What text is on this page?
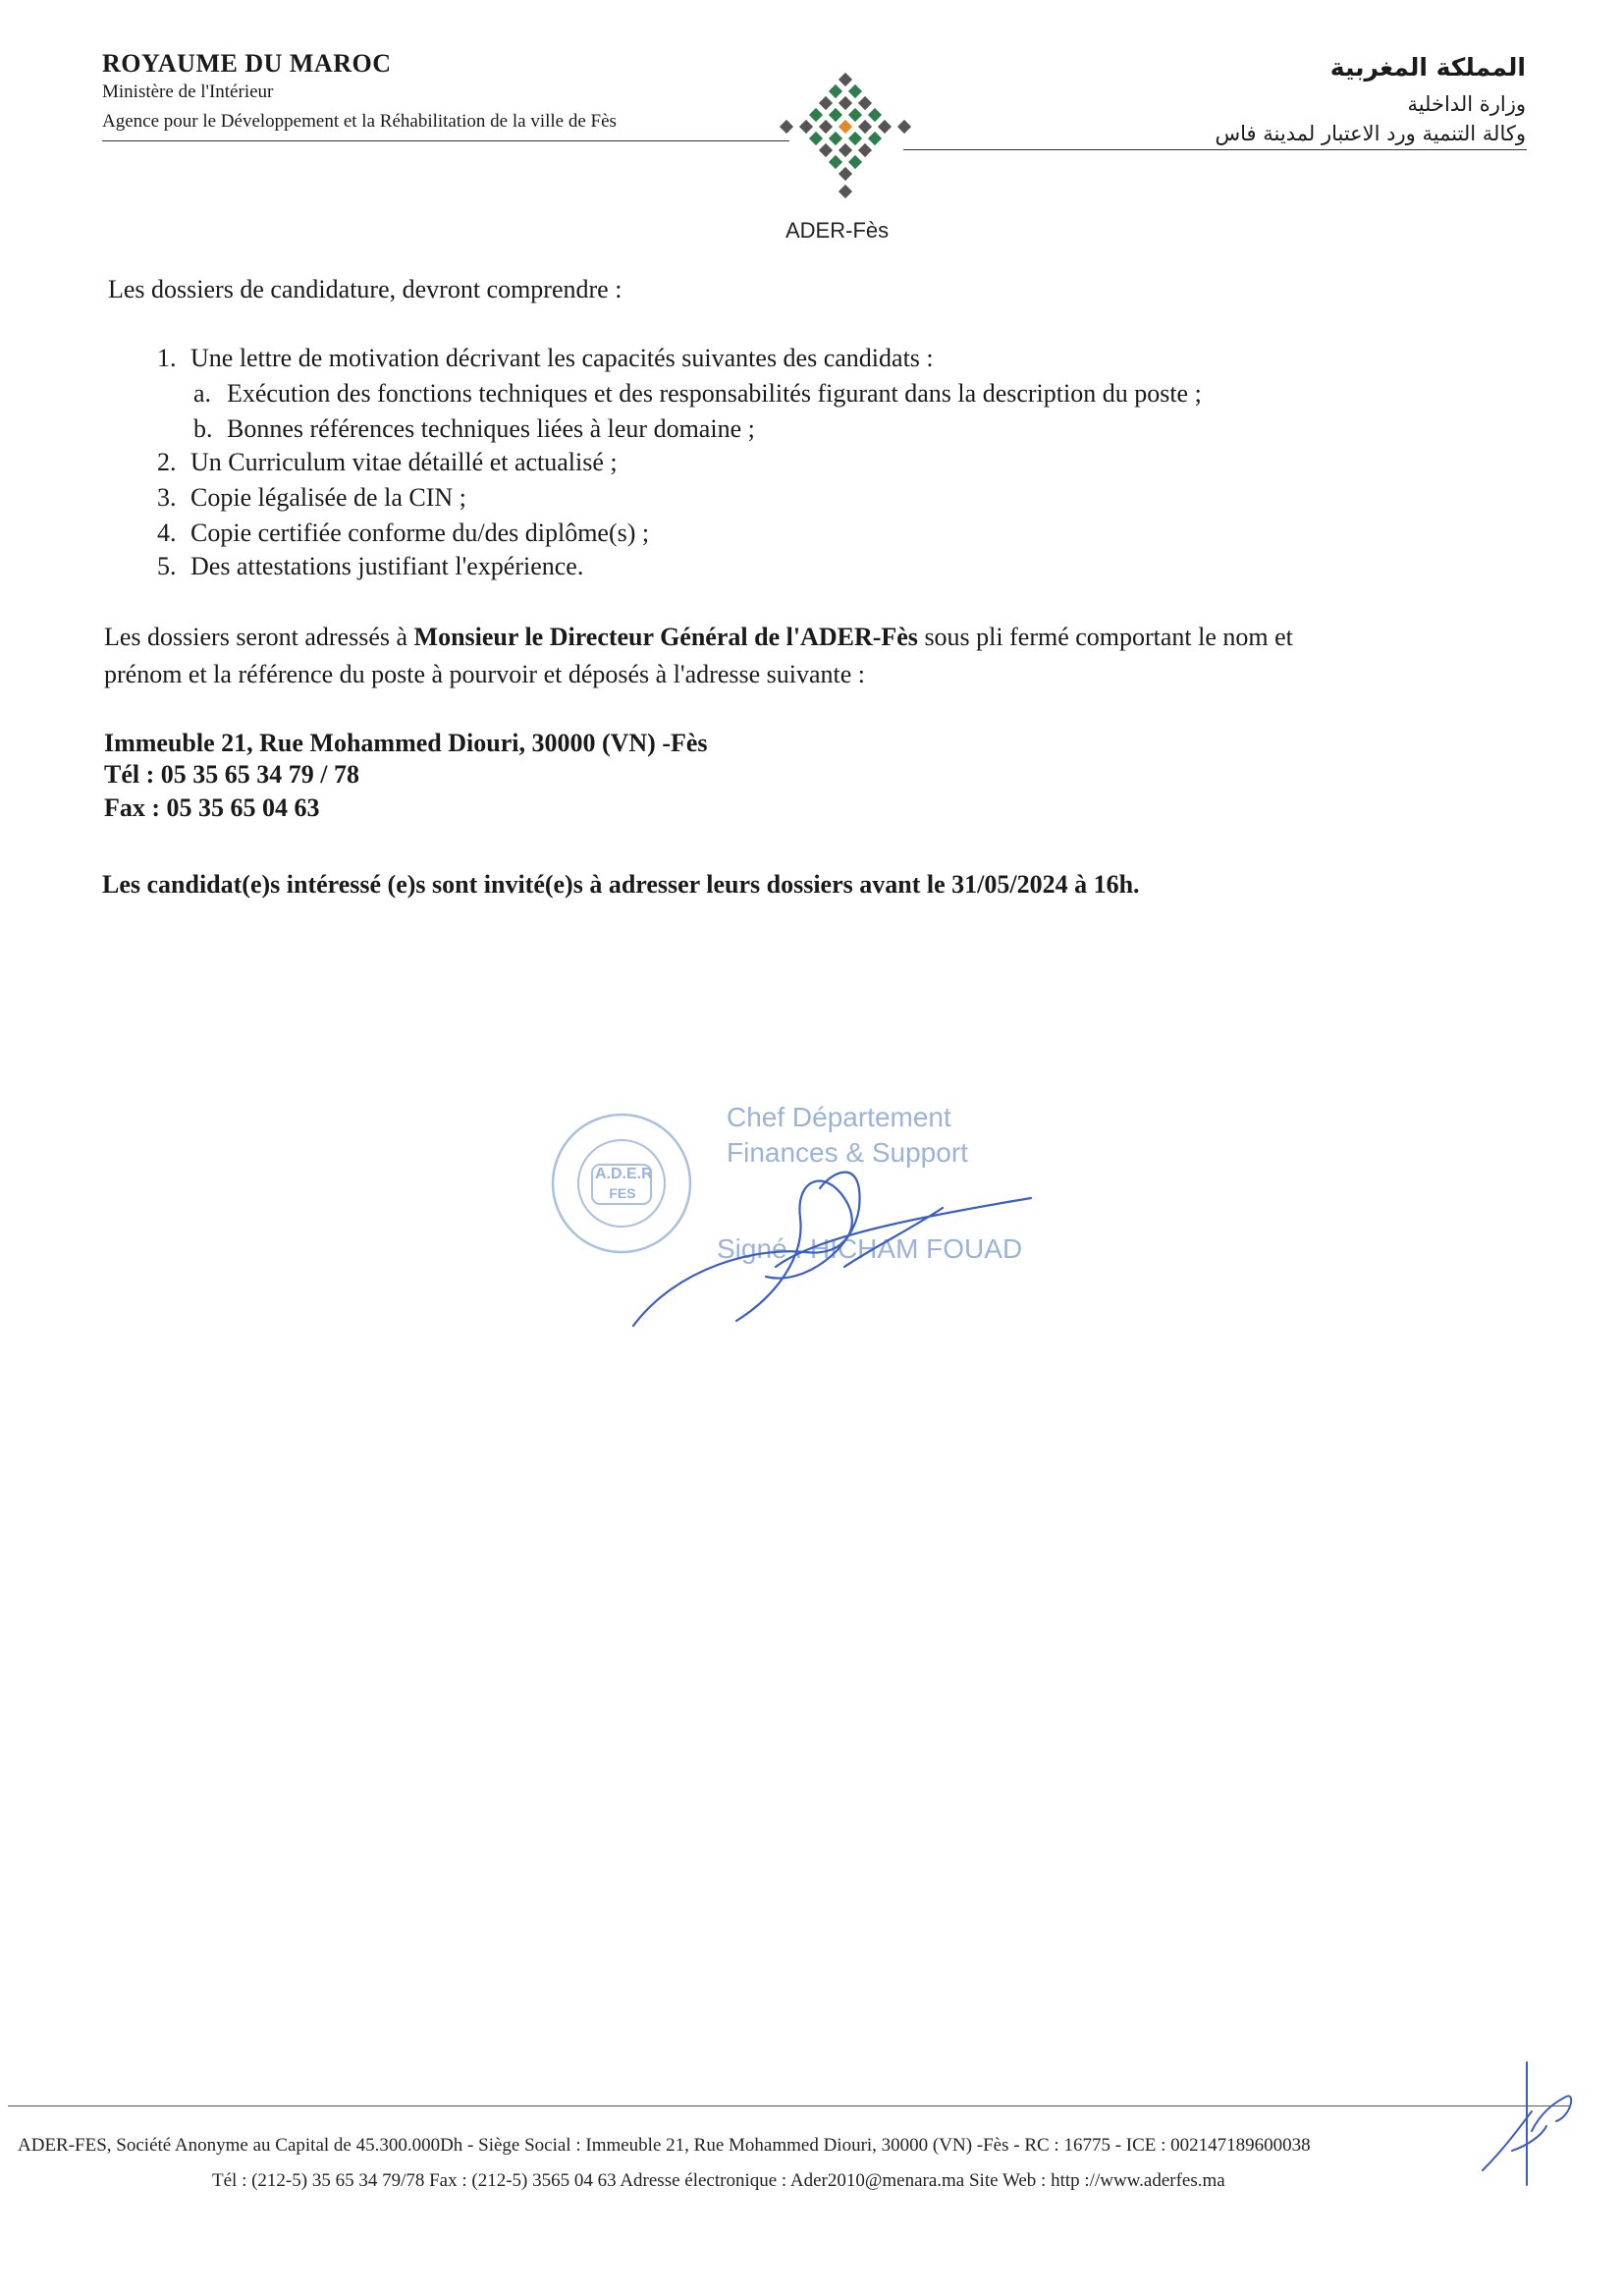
ROYAUME DU MAROC
Ministère de l'Intérieur
Agence pour le Développement et la Réhabilitation de la ville de Fès
المملكة المغربية
وزارة الداخلية
وكالة التنمية ورد الاعتبار لمدينة فاس
ADER-Fès
Les dossiers de candidature, devront comprendre :
1. Une lettre de motivation décrivant les capacités suivantes des candidats :
a. Exécution des fonctions techniques et des responsabilités figurant dans la description du poste ;
b. Bonnes références techniques liées à leur domaine ;
2. Un Curriculum vitae détaillé et actualisé ;
3. Copie légalisée de la CIN ;
4. Copie certifiée conforme du/des diplôme(s) ;
5. Des attestations justifiant l'expérience.
Les dossiers seront adressés à Monsieur le Directeur Général de l'ADER-Fès sous pli fermé comportant le nom et
prénom et la référence du poste à pourvoir et déposés à l'adresse suivante :
Immeuble 21, Rue Mohammed Diouri, 30000 (VN) -Fès
Tél : 05 35 65 34 79 / 78
Fax : 05 35 65 04 63
Les candidat(e)s intéressé (e)s sont invité(e)s à adresser leurs dossiers avant le 31/05/2024 à 16h.
A.D.E.R
FES
Chef Département
Finances & Support
Signé : HICHAM FOUAD
ADER-FES, Société Anonyme au Capital de 45.300.000Dh - Siège Social : Immeuble 21, Rue Mohammed Diouri, 30000 (VN) -Fès - RC : 16775 - ICE : 002147189600038
Tél : (212-5) 35 65 34 79/78 Fax : (212-5) 3565 04 63 Adresse électronique : Ader2010@menara.ma Site Web : http ://www.aderfes.ma
